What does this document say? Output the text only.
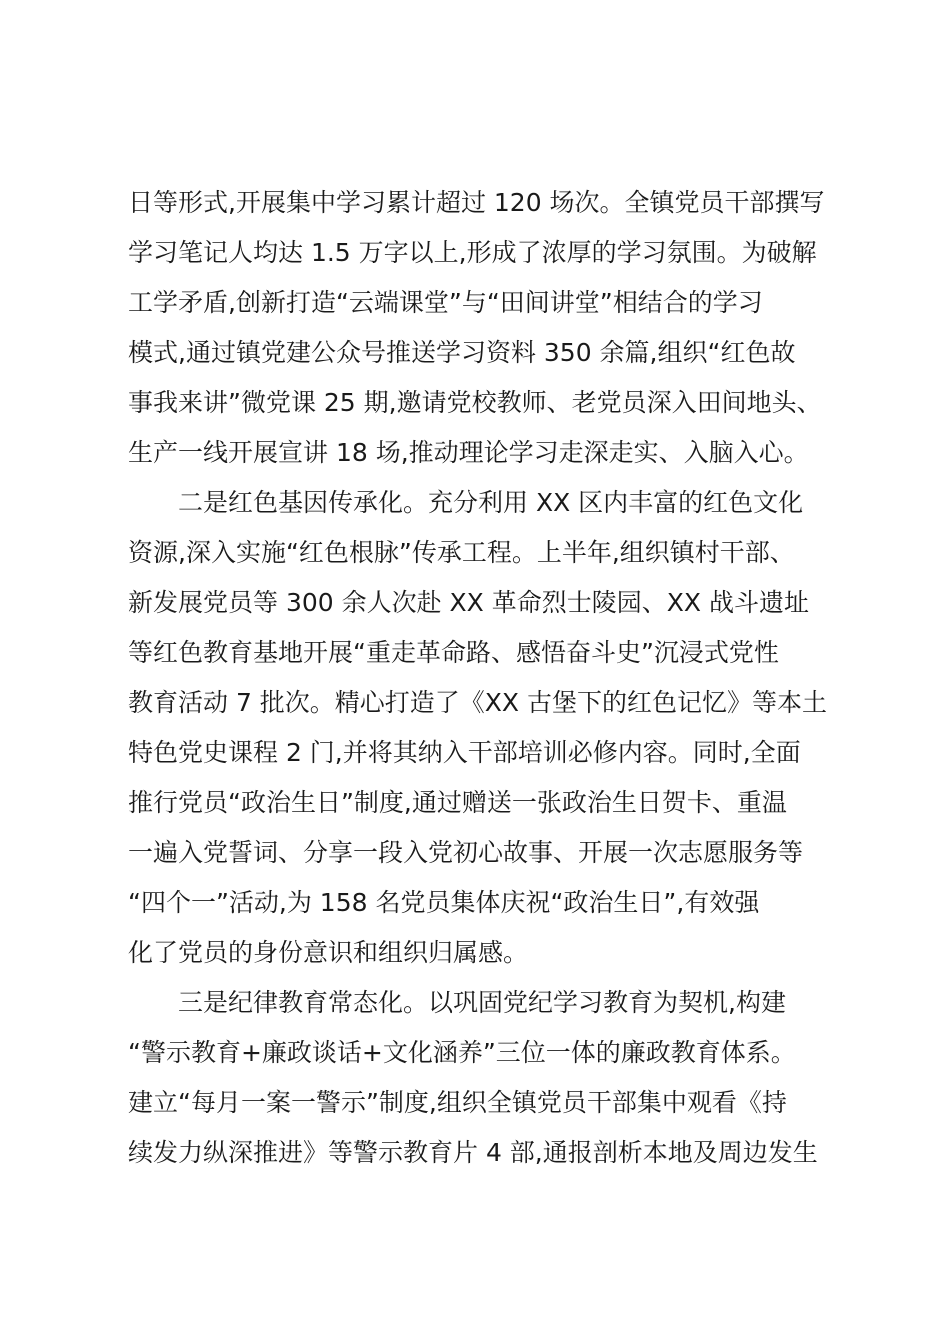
日等形式,开展集中学习累计超过 120 场次。全镇党员干部撰写
学习笔记人均达 1.5 万字以上,形成了浓厚的学习氛围。为破解
工学矛盾,创新打造“云端课堂”与“田间讲堂”相结合的学习
模式,通过镇党建公众号推送学习资料 350 余篇,组织“红色故
事我来讲”微党课 25 期,邀请党校教师、老党员深入田间地头、
生产一线开展宣讲 18 场,推动理论学习走深走实、入脑入心。
二是红色基因传承化。充分利用 XX 区内丰富的红色文化
资源,深入实施“红色根脉”传承工程。上半年,组织镇村干部、
新发展党员等 300 余人次赴 XX 革命烈士陵园、XX 战斗遗址
等红色教育基地开展“重走革命路、感悟奋斗史”沉浸式党性
教育活动 7 批次。精心打造了《XX 古堡下的红色记忆》等本土
特色党史课程 2 门,并将其纳入干部培训必修内容。同时,全面
推行党员“政治生日”制度,通过赠送一张政治生日贺卡、重温
一遍入党誓词、分享一段入党初心故事、开展一次志愿服务等
“四个一”活动,为 158 名党员集体庆祝“政治生日”,有效强
化了党员的身份意识和组织归属感。
三是纪律教育常态化。以巩固党纪学习教育为契机,构建
“警示教育+廉政谈话+文化涵养”三位一体的廉政教育体系。
建立“每月一案一警示”制度,组织全镇党员干部集中观看《持
续发力纵深推进》等警示教育片 4 部,通报剖析本地及周边发生
